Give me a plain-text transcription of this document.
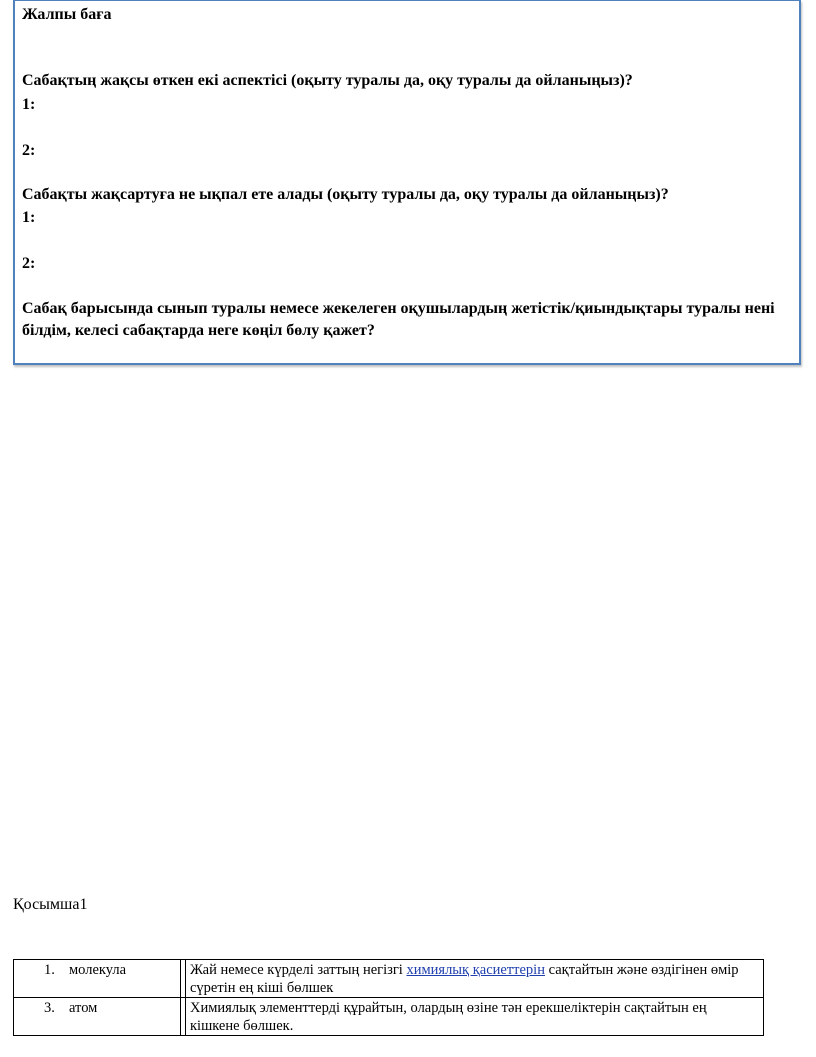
Жалпы баға
Сабақтың жақсы өткен екі аспектісі (оқыту туралы да, оқу туралы да ойланыңыз)?
1:
2:
Сабақты жақсартуға не ықпал ете алады (оқыту туралы да, оқу туралы да ойланыңыз)?
1:
2:
Сабақ барысында сынып туралы немесе жекелеген оқушылардың жетістік/қиындықтары туралы нені білдім, келесі сабақтарда неге көңіл бөлу қажет?
Қосымша1
1. молекула		Жай немесе күрделі заттың негізгі химиялық қасиеттерін сақтайтын және өздігінен өмір сүретін ең кіші бөлшек
3. атом		Химиялық элементтерді құрайтын, олардың өзіне тән ерекшеліктерін сақтайтын ең кішкене бөлшек.
